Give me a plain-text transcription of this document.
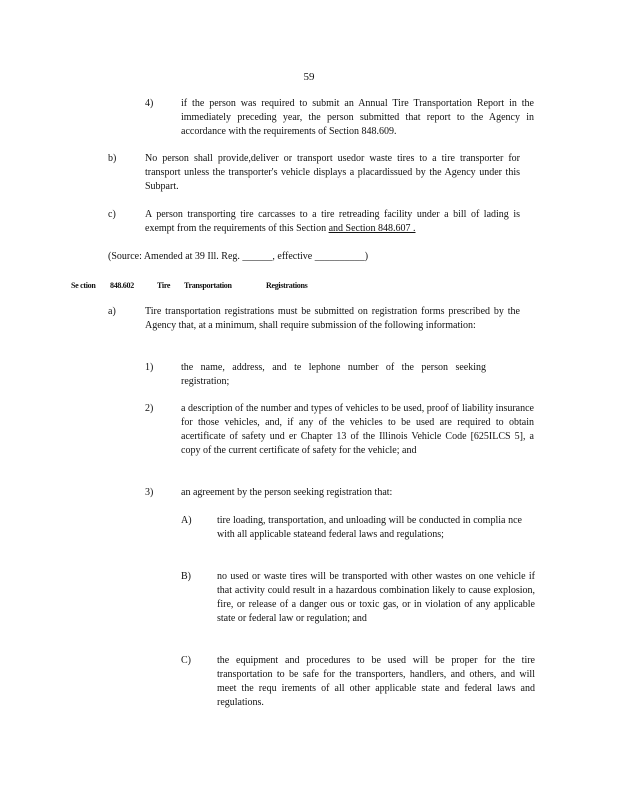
59

4)	if the person was required to submit an Annual Tire Transportation Report in the immediately preceding year, the person submitted that report to the Agency in accordance with the requirements of Section 848.609.

b)	No person shall provide,deliver or transport usedor waste tires to a tire transporter for transport unless the transporter's vehicle displays a placardissued by the Agency under this Subpart.

c)	A person transporting tire carcasses to a tire retreading facility under a bill of lading is exempt from the requirements of this Section and Section 848.607 .

(Source: Amended at 39 Ill. Reg. ______, effective __________)

Se ction 848.602	Tire Transportation	Registrations

a)	Tire transportation registrations must be submitted on registration forms prescribed by the Agency that, at a minimum, shall require submission of the following information:

1)	the name, address, and te lephone number of the person seeking registration;

2)	a description of the number and types of vehicles to be used, proof of liability insurance for those vehicles, and, if any of the vehicles to be used are required to obtain acertificate of safety und er Chapter 13 of the Illinois Vehicle Code [625ILCS 5], a copy of the current certificate of safety for the vehicle; and

3)	an agreement by the person seeking registration that:

A)	tire loading, transportation, and unloading will be conducted in complia nce with all applicable stateand federal laws and regulations;

B)	no used or waste tires will be transported with other wastes on one vehicle if that activity could result in a hazardous combination likely to cause explosion, fire, or release of a danger ous or toxic gas, or in violation of any applicable state or federal law or regulation; and

C)	the equipment and procedures to be used will be proper for the tire transportation to be safe for the transporters, handlers, and others, and will meet the requ irements of all other applicable state and federal laws and regulations.
